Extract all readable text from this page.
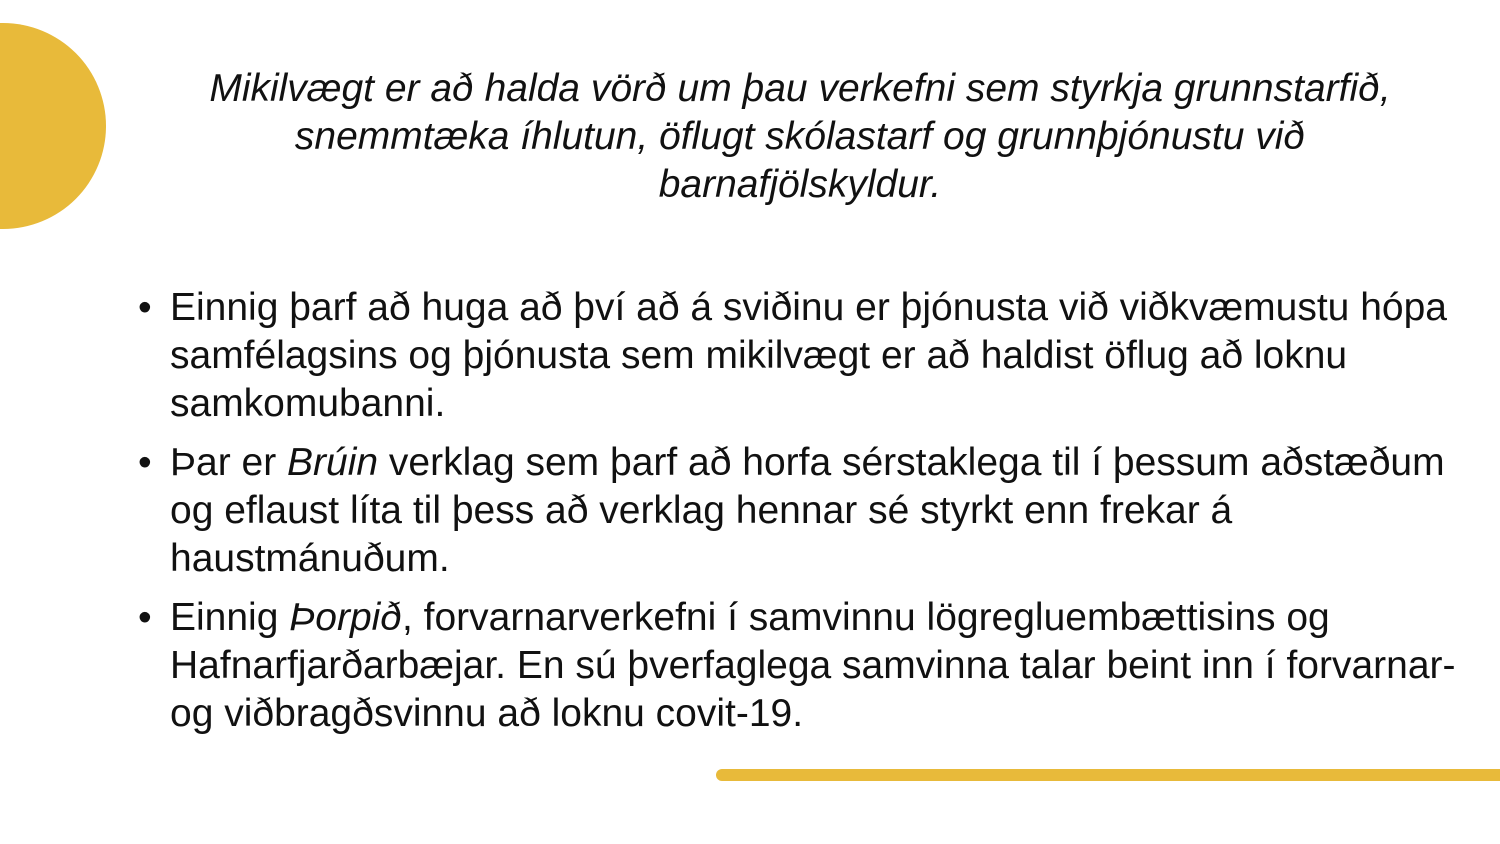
Mikilvægt er að halda vörð um þau verkefni sem styrkja grunnstarfið, snemmtæka íhlutun, öflugt skólastarf og grunnþjónustu við barnafjölskyldur.
• Einnig þarf að huga að því að á sviðinu er þjónusta við viðkvæmustu hópa samfélagsins og þjónusta sem mikilvægt er að haldist öflug að loknu samkomubanni.
• Þar er Brúin verklag sem þarf að horfa sérstaklega til í þessum aðstæðum og eflaust líta til þess að verklag hennar sé styrkt enn frekar á haustmánuðum.
• Einnig Þorpið, forvarnarverkefni í samvinnu lögregluembættisins og Hafnarfjarðarbæjar. En sú þverfaglega samvinna talar beint inn í forvarnar- og viðbragðsvinnu að loknu covit-19.
